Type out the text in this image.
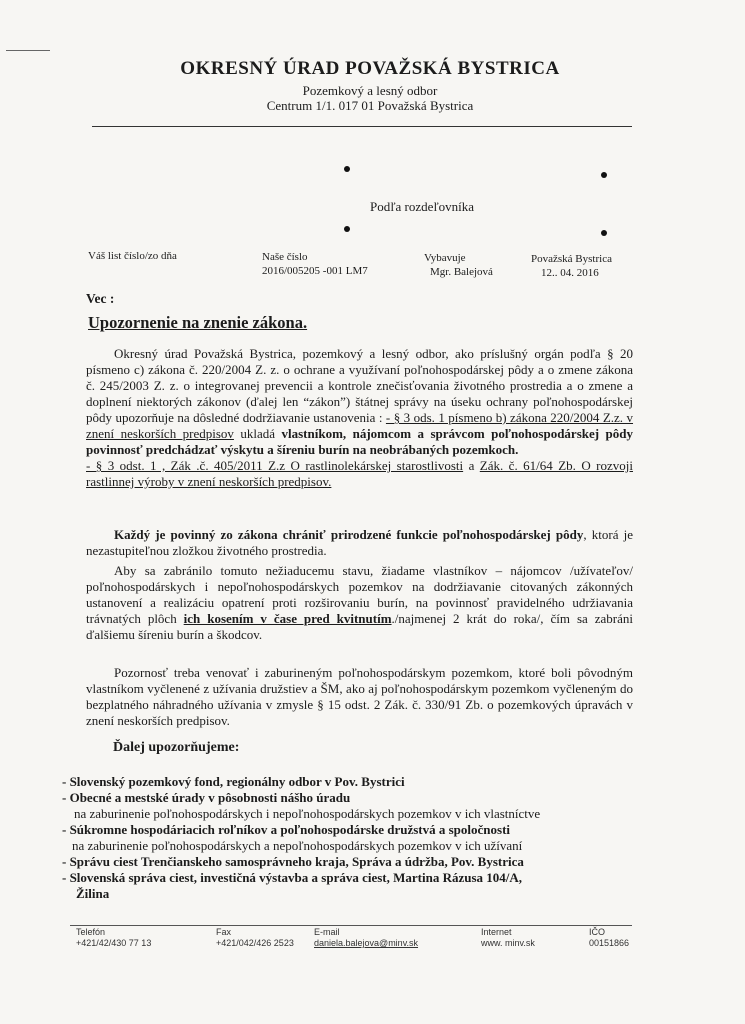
OKRESNÝ ÚRAD POVAŽSKÁ BYSTRICA
Pozemkový a lesný odbor
Centrum 1/1. 017 01 Považská Bystrica
Podľa rozdeľovníka
Váš list číslo/zo dňa	Naše číslo
2016/005205 -001 LM7
Vybavuje
Mgr. Balejová
Považská Bystrica
12.. 04. 2016
Vec :
Upozornenie na znenie zákona.
Okresný úrad Považská Bystrica, pozemkový a lesný odbor, ako príslušný orgán podľa § 20 písmeno c) zákona č. 220/2004 Z. z. o ochrane a využívaní poľnohospodárskej pôdy a o zmene zákona č. 245/2003 Z. z. o integrovanej prevencii a kontrole znečisťovania životného prostredia a o zmene a doplnení niektorých zákonov (ďalej len “zákon”) štátnej správy na úseku ochrany poľnohospodárskej pôdy upozorňuje na dôsledné dodržiavanie ustanovenia : - § 3 ods. 1 písmeno b) zákona 220/2004 Z.z. v znení neskorších predpisov ukladá vlastníkom, nájomcom a správcom poľnohospodárskej pôdy povinnosť predchádzať výskytu a šíreniu burín na neobrábaných pozemkoch.
- § 3 odst. 1 , Zák .č. 405/2011 Z.z O rastlinolekárskej starostlivosti a Zák. č. 61/64 Zb. O rozvoji rastlinnej výroby v znení neskorších predpisov.
Každý je povinný zo zákona chrániť prirodzené funkcie poľnohospodárskej pôdy, ktorá je nezastupiteľnou zložkou životného prostredia.
Aby sa zabránilo tomuto nežiaducemu stavu, žiadame vlastníkov – nájomcov /užívateľov/ poľnohospodárskych i nepoľnohospodárskych pozemkov na dodržiavanie citovaných zákonných ustanovení a realizáciu opatrení proti rozširovaniu burín, na povinnosť pravidelného udržiavania trávnatých plôch ich kosením v čase pred kvitnutím./najmenej 2 krát do roka/, čím sa zabráni ďalšiemu šíreniu burín a škodcov.
Pozornosť treba venovať i zaburineným poľnohospodárskym pozemkom, ktoré boli pôvodným vlastníkom vyčlenené z užívania družstiev a ŠM, ako aj poľnohospodárskym pozemkom vyčleneným do bezplatného náhradného užívania v zmysle § 15 odst. 2 Zák. č. 330/91 Zb. o pozemkových úpravách v znení neskorších predpisov.
Ďalej upozorňujeme:
- Slovenský pozemkový fond, regionálny odbor v Pov. Bystrici
- Obecné a mestské úrady v pôsobnosti nášho úradu
na zaburinenie poľnohospodárskych i nepoľnohospodárskych pozemkov v ich vlastníctve
- Súkromne hospodáriacich roľníkov a poľnohospodárske družstvá a spoločnosti
na zaburinenie poľnohospodárskych a nepoľnohospodárskych pozemkov v ich užívaní
- Správu ciest Trenčianskeho samosprávneho kraja, Správa a údržba, Pov. Bystrica
- Slovenská správa ciest, investičná výstavba a správa ciest, Martina Rázusa 104/A,
Žilina
Telefón
+421/42/430 77 13
Fax
+421/042/426 2523
E-mail
daniela.balejova@minv.sk
Internet
www. minv.sk
IČO
00151866
